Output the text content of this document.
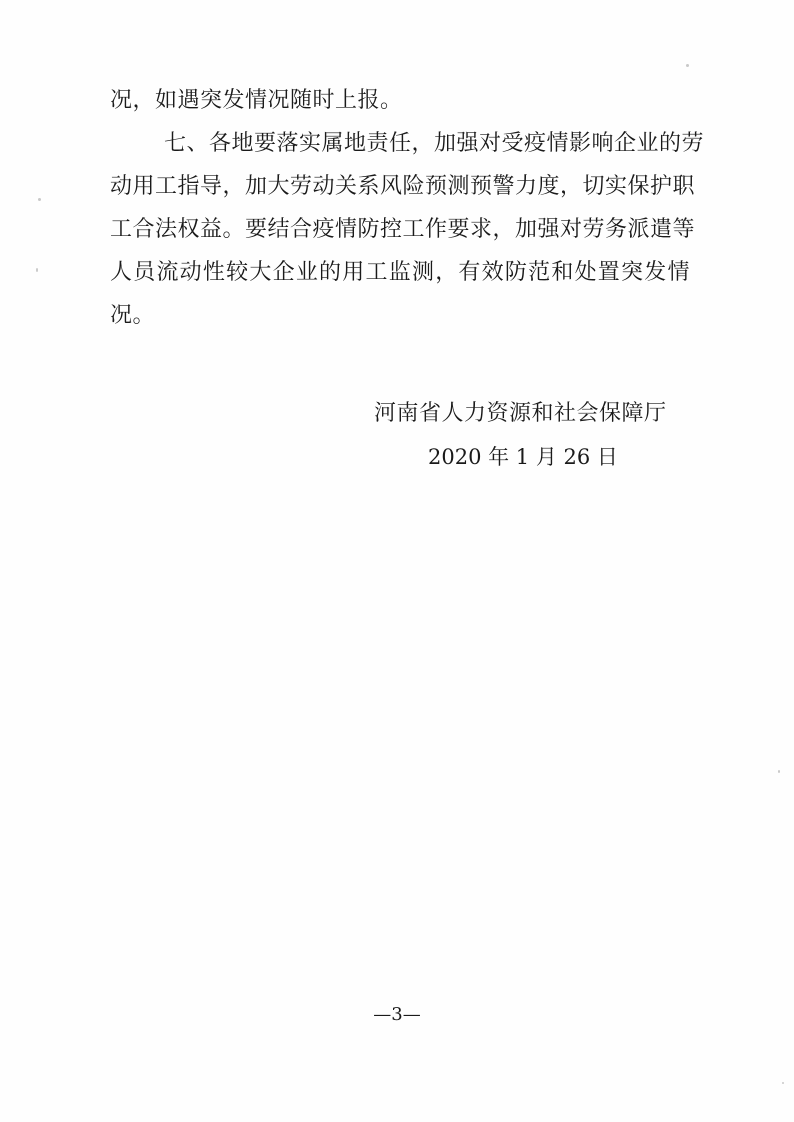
况，如遇突发情况随时上报。
七、各地要落实属地责任，加强对受疫情影响企业的劳
动用工指导，加大劳动关系风险预测预警力度，切实保护职
工合法权益。要结合疫情防控工作要求，加强对劳务派遣等
人员流动性较大企业的用工监测，有效防范和处置突发情
况。
河南省人力资源和社会保障厅
2020 年 1 月 26 日
—3—
